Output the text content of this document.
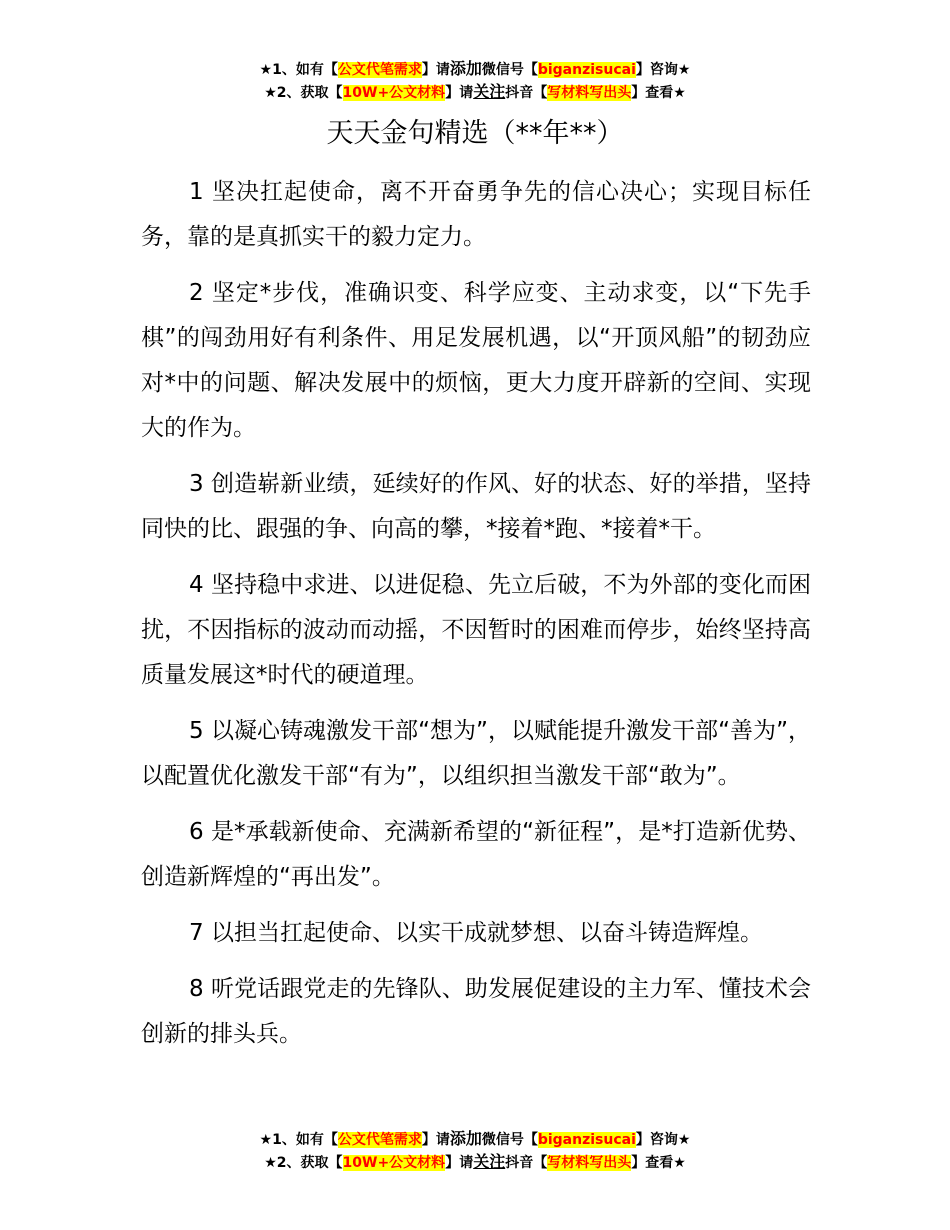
★1、如有【公文代笔需求】请添加微信号【biganzisucai】咨询★
★2、获取【10W+公文材料】请关注抖音【写材料写出头】查看★
天天金句精选（**年**）

1 坚决扛起使命，离不开奋勇争先的信心决心；实现目标任务，靠的是真抓实干的毅力定力。

2 坚定*步伐，准确识变、科学应变、主动求变，以“下先手棋”的闯劲用好有利条件、用足发展机遇，以“开顶风船”的韧劲应对*中的问题、解决发展中的烦恼，更大力度开辟新的空间、实现大的作为。

3 创造崭新业绩，延续好的作风、好的状态、好的举措，坚持同快的比、跟强的争、向高的攀，*接着*跑、*接着*干。

4 坚持稳中求进、以进促稳、先立后破，不为外部的变化而困扰，不因指标的波动而动摇，不因暂时的困难而停步，始终坚持高质量发展这*时代的硬道理。

5 以凝心铸魂激发干部“想为”，以赋能提升激发干部“善为”，以配置优化激发干部“有为”，以组织担当激发干部“敢为”。

6 是*承载新使命、充满新希望的“新征程”，是*打造新优势、创造新辉煌的“再出发”。

7 以担当扛起使命、以实干成就梦想、以奋斗铸造辉煌。

8 听党话跟党走的先锋队、助发展促建设的主力军、懂技术会创新的排头兵。

★1、如有【公文代笔需求】请添加微信号【biganzisucai】咨询★
★2、获取【10W+公文材料】请关注抖音【写材料写出头】查看★
